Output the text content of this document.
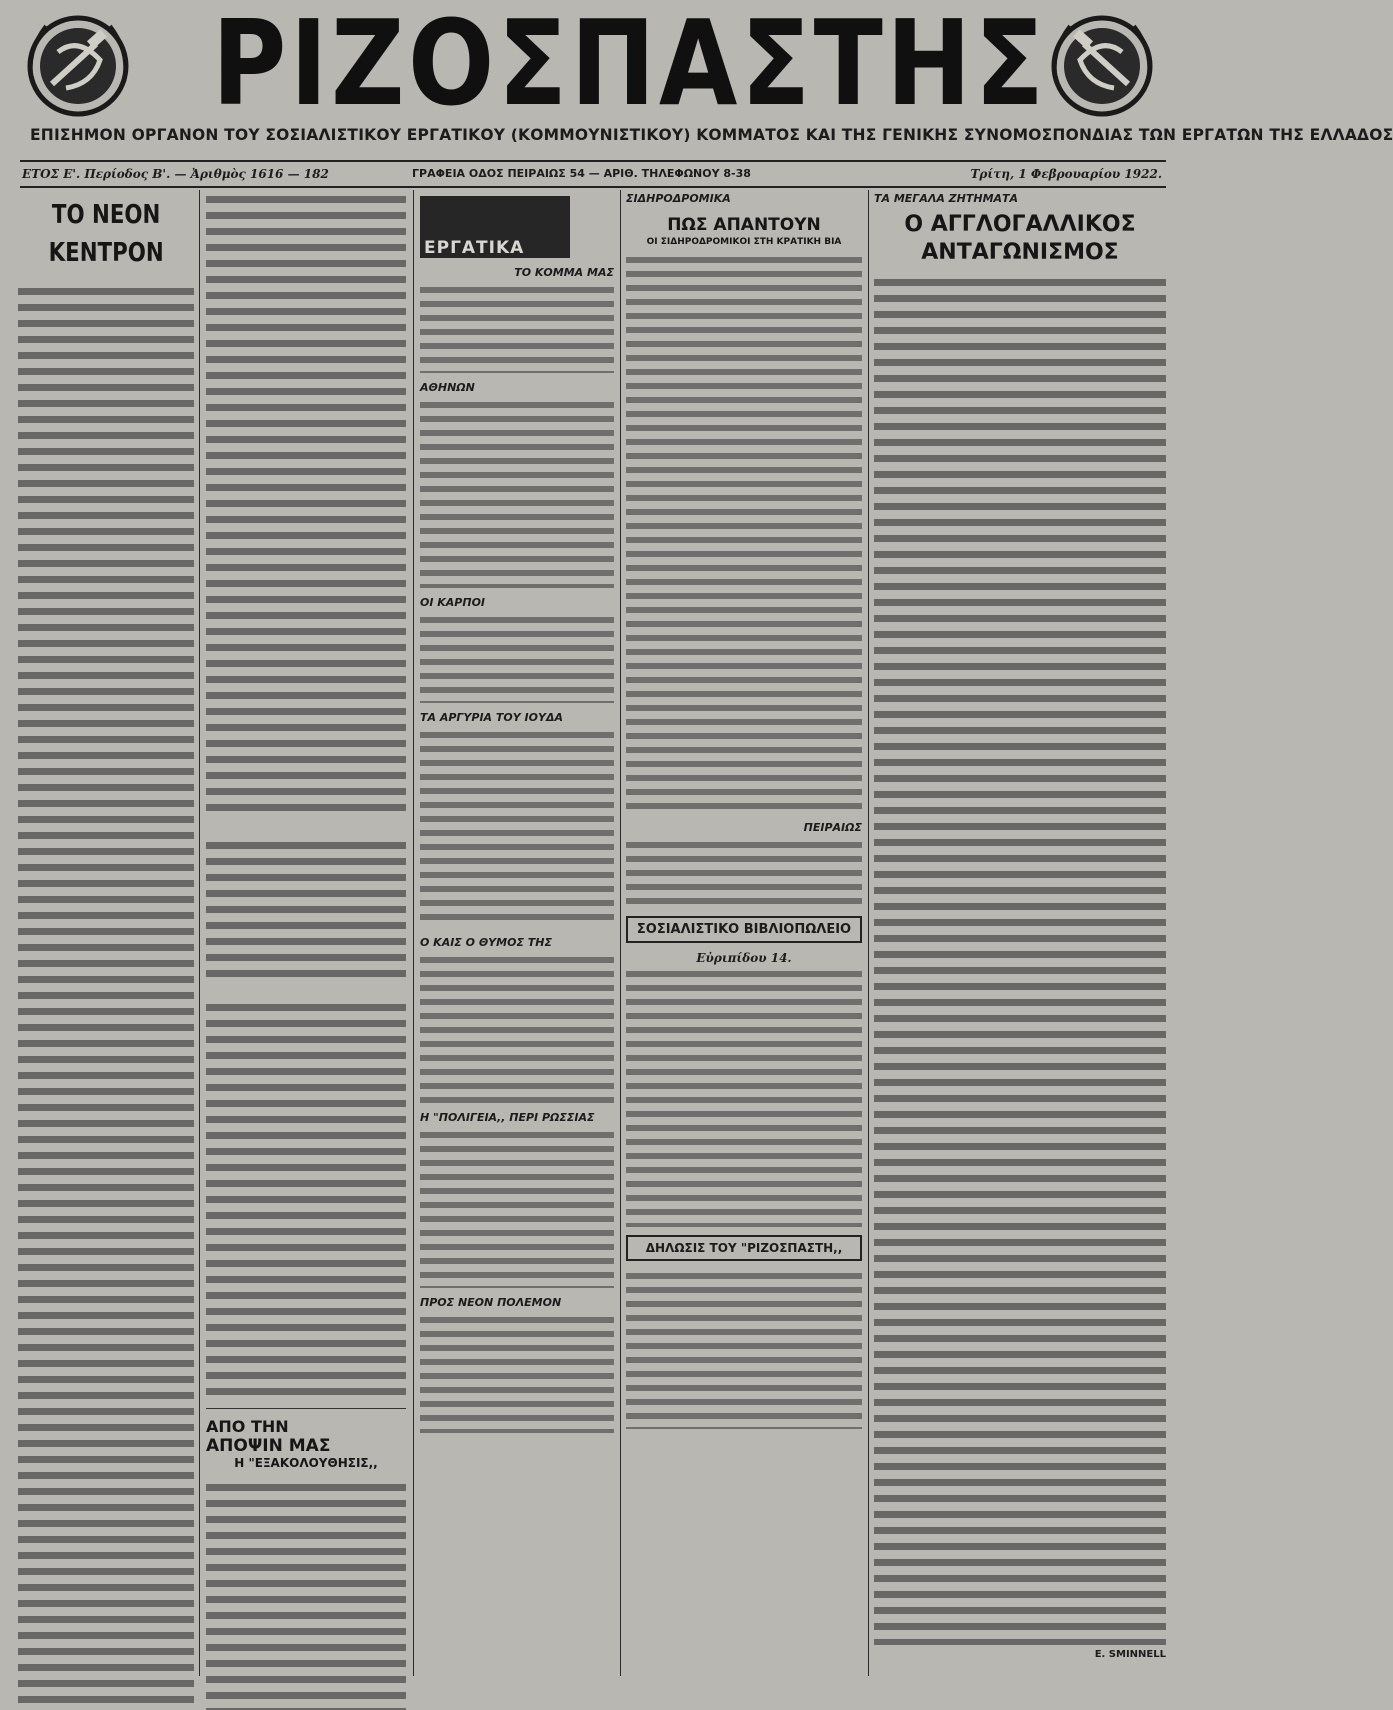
ΡΙΖΟΣΠΑΣΤΗΣ
ΕΠΙΣΗΜΟΝ ΟΡΓΑΝΟΝ ΤΟΥ ΣΟΣΙΑΛΙΣΤΙΚΟΥ ΕΡΓΑΤΙΚΟΥ (ΚΟΜΜΟΥΝΙΣΤΙΚΟΥ) ΚΟΜΜΑΤΟΣ ΚΑΙ ΤΗΣ ΓΕΝΙΚΗΣ ΣΥΝΟΜΟΣΠΟΝΔΙΑΣ ΤΩΝ ΕΡΓΑΤΩΝ ΤΗΣ ΕΛΛΑΔΟΣ
ΕΤΟΣ Ε'. Περίοδος Β'. — Ἀριθμὸς 1616 — 182	ΓΡΑΦΕΙΑ ΟΔΟΣ ΠΕΙΡΑΙΩΣ 54 — ΑΡΙΘ. ΤΗΛΕΦΩΝΟΥ 8-38	Τρίτη, 1 Φεβρουαρίου 1922.
ΤΟ ΝΕΟΝ ΚΕΝΤΡΟΝ
ΑΠΟ ΤΗΝ
ΑΠΟΨΙΝ ΜΑΣ
Η "ΕΞΑΚΟΛΟΥΘΗΣΙΣ,,
ΕΡΓΑΤΙΚΑ
ΤΟ ΚΟΜΜΑ ΜΑΣ
ΑΘΗΝΩΝ
ΟΙ ΚΑΡΠΟΙ
ΤΑ ΑΡΓΥΡΙΑ ΤΟΥ ΙΟΥΔΑ
Ο ΚΑΙΣ Ο ΘΥΜΟΣ ΤΗΣ
Η "ΠΟΛΙΓΕΙΑ,, ΠΕΡΙ ΡΩΣΣΙΑΣ
ΠΡΟΣ ΝΕΟΝ ΠΟΛΕΜΟΝ
ΣΙΔΗΡΟΔΡΟΜΙΚΑ
ΠΩΣ ΑΠΑΝΤΟΥΝ
ΟΙ ΣΙΔΗΡΟΔΡΟΜΙΚΟΙ ΣΤΗ ΚΡΑΤΙΚΗ ΒΙΑ
ΠΕΙΡΑΙΩΣ
ΣΟΣΙΑΛΙΣΤΙΚΟ ΒΙΒΛΙΟΠΩΛΕΙΟ
Εὐριπίδου 14.
ΔΗΛΩΣΙΣ ΤΟΥ "ΡΙΖΟΣΠΑΣΤΗ,,
ΤΑ ΜΕΓΑΛΑ ΖΗΤΗΜΑΤΑ
Ο ΑΓΓΛΟΓΑΛΛΙΚΟΣ
ΑΝΤΑΓΩΝΙΣΜΟΣ
E. SMINNELL
